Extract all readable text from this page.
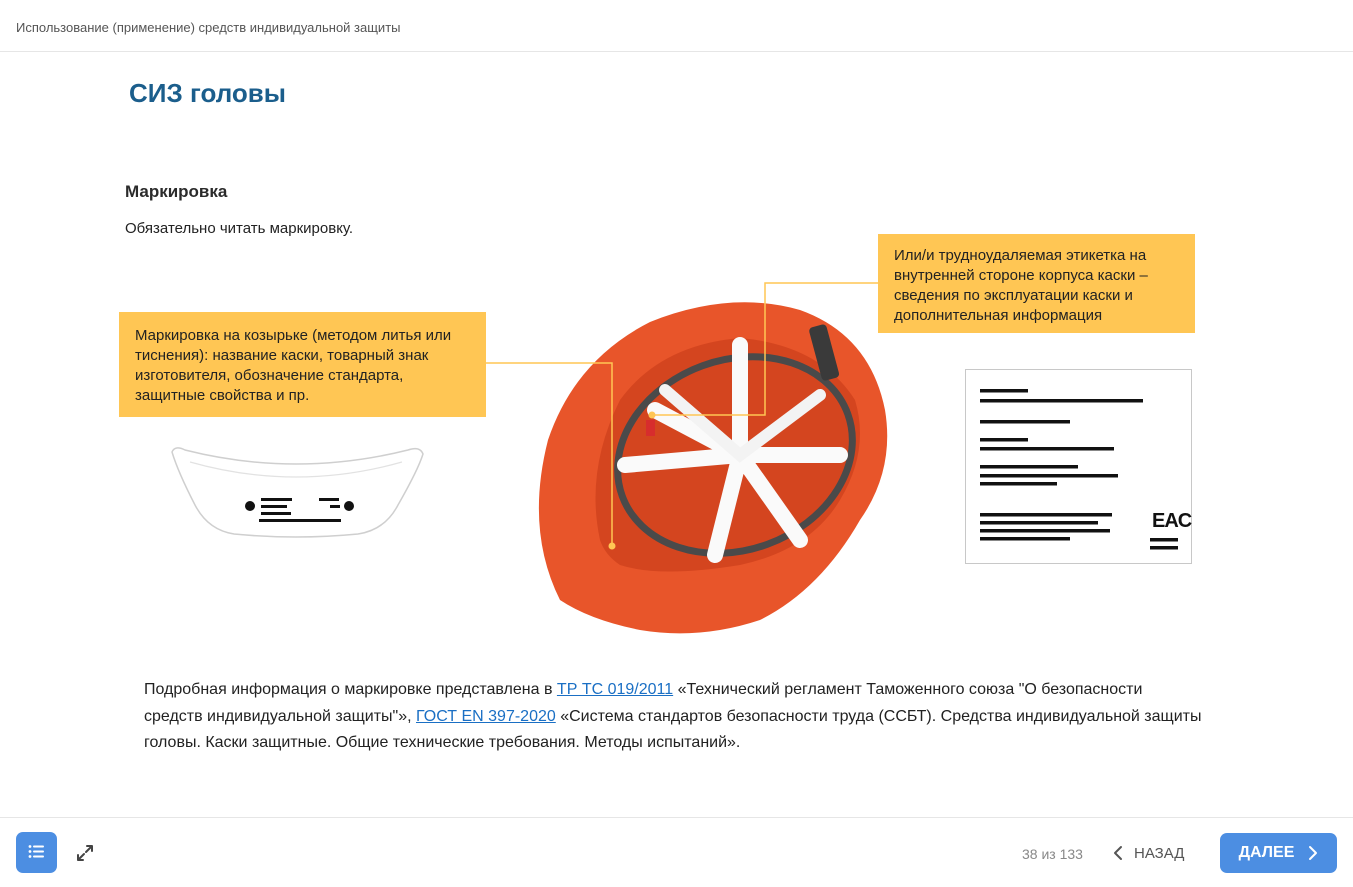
Использование (применение) средств индивидуальной защиты
СИЗ головы
Маркировка
Обязательно читать маркировку.
Маркировка на козырьке (методом литья или тиснения): название каски, товарный знак изготовителя, обозначение стандарта, защитные свойства и пр.
Или/и трудноудаляемая этикетка на внутренней стороне корпуса каски – сведения по эксплуатации каски и дополнительная информация
EAC
Подробная информация о маркировке представлена в ТР ТС 019/2011 «Технический регламент Таможенного союза "О безопасности средств индивидуальной защиты"», ГОСТ EN 397-2020 «Система стандартов безопасности труда (ССБТ). Средства индивидуальной защиты головы. Каски защитные. Общие технические требования. Методы испытаний».
38 из 133	НАЗАД	ДАЛЕЕ
